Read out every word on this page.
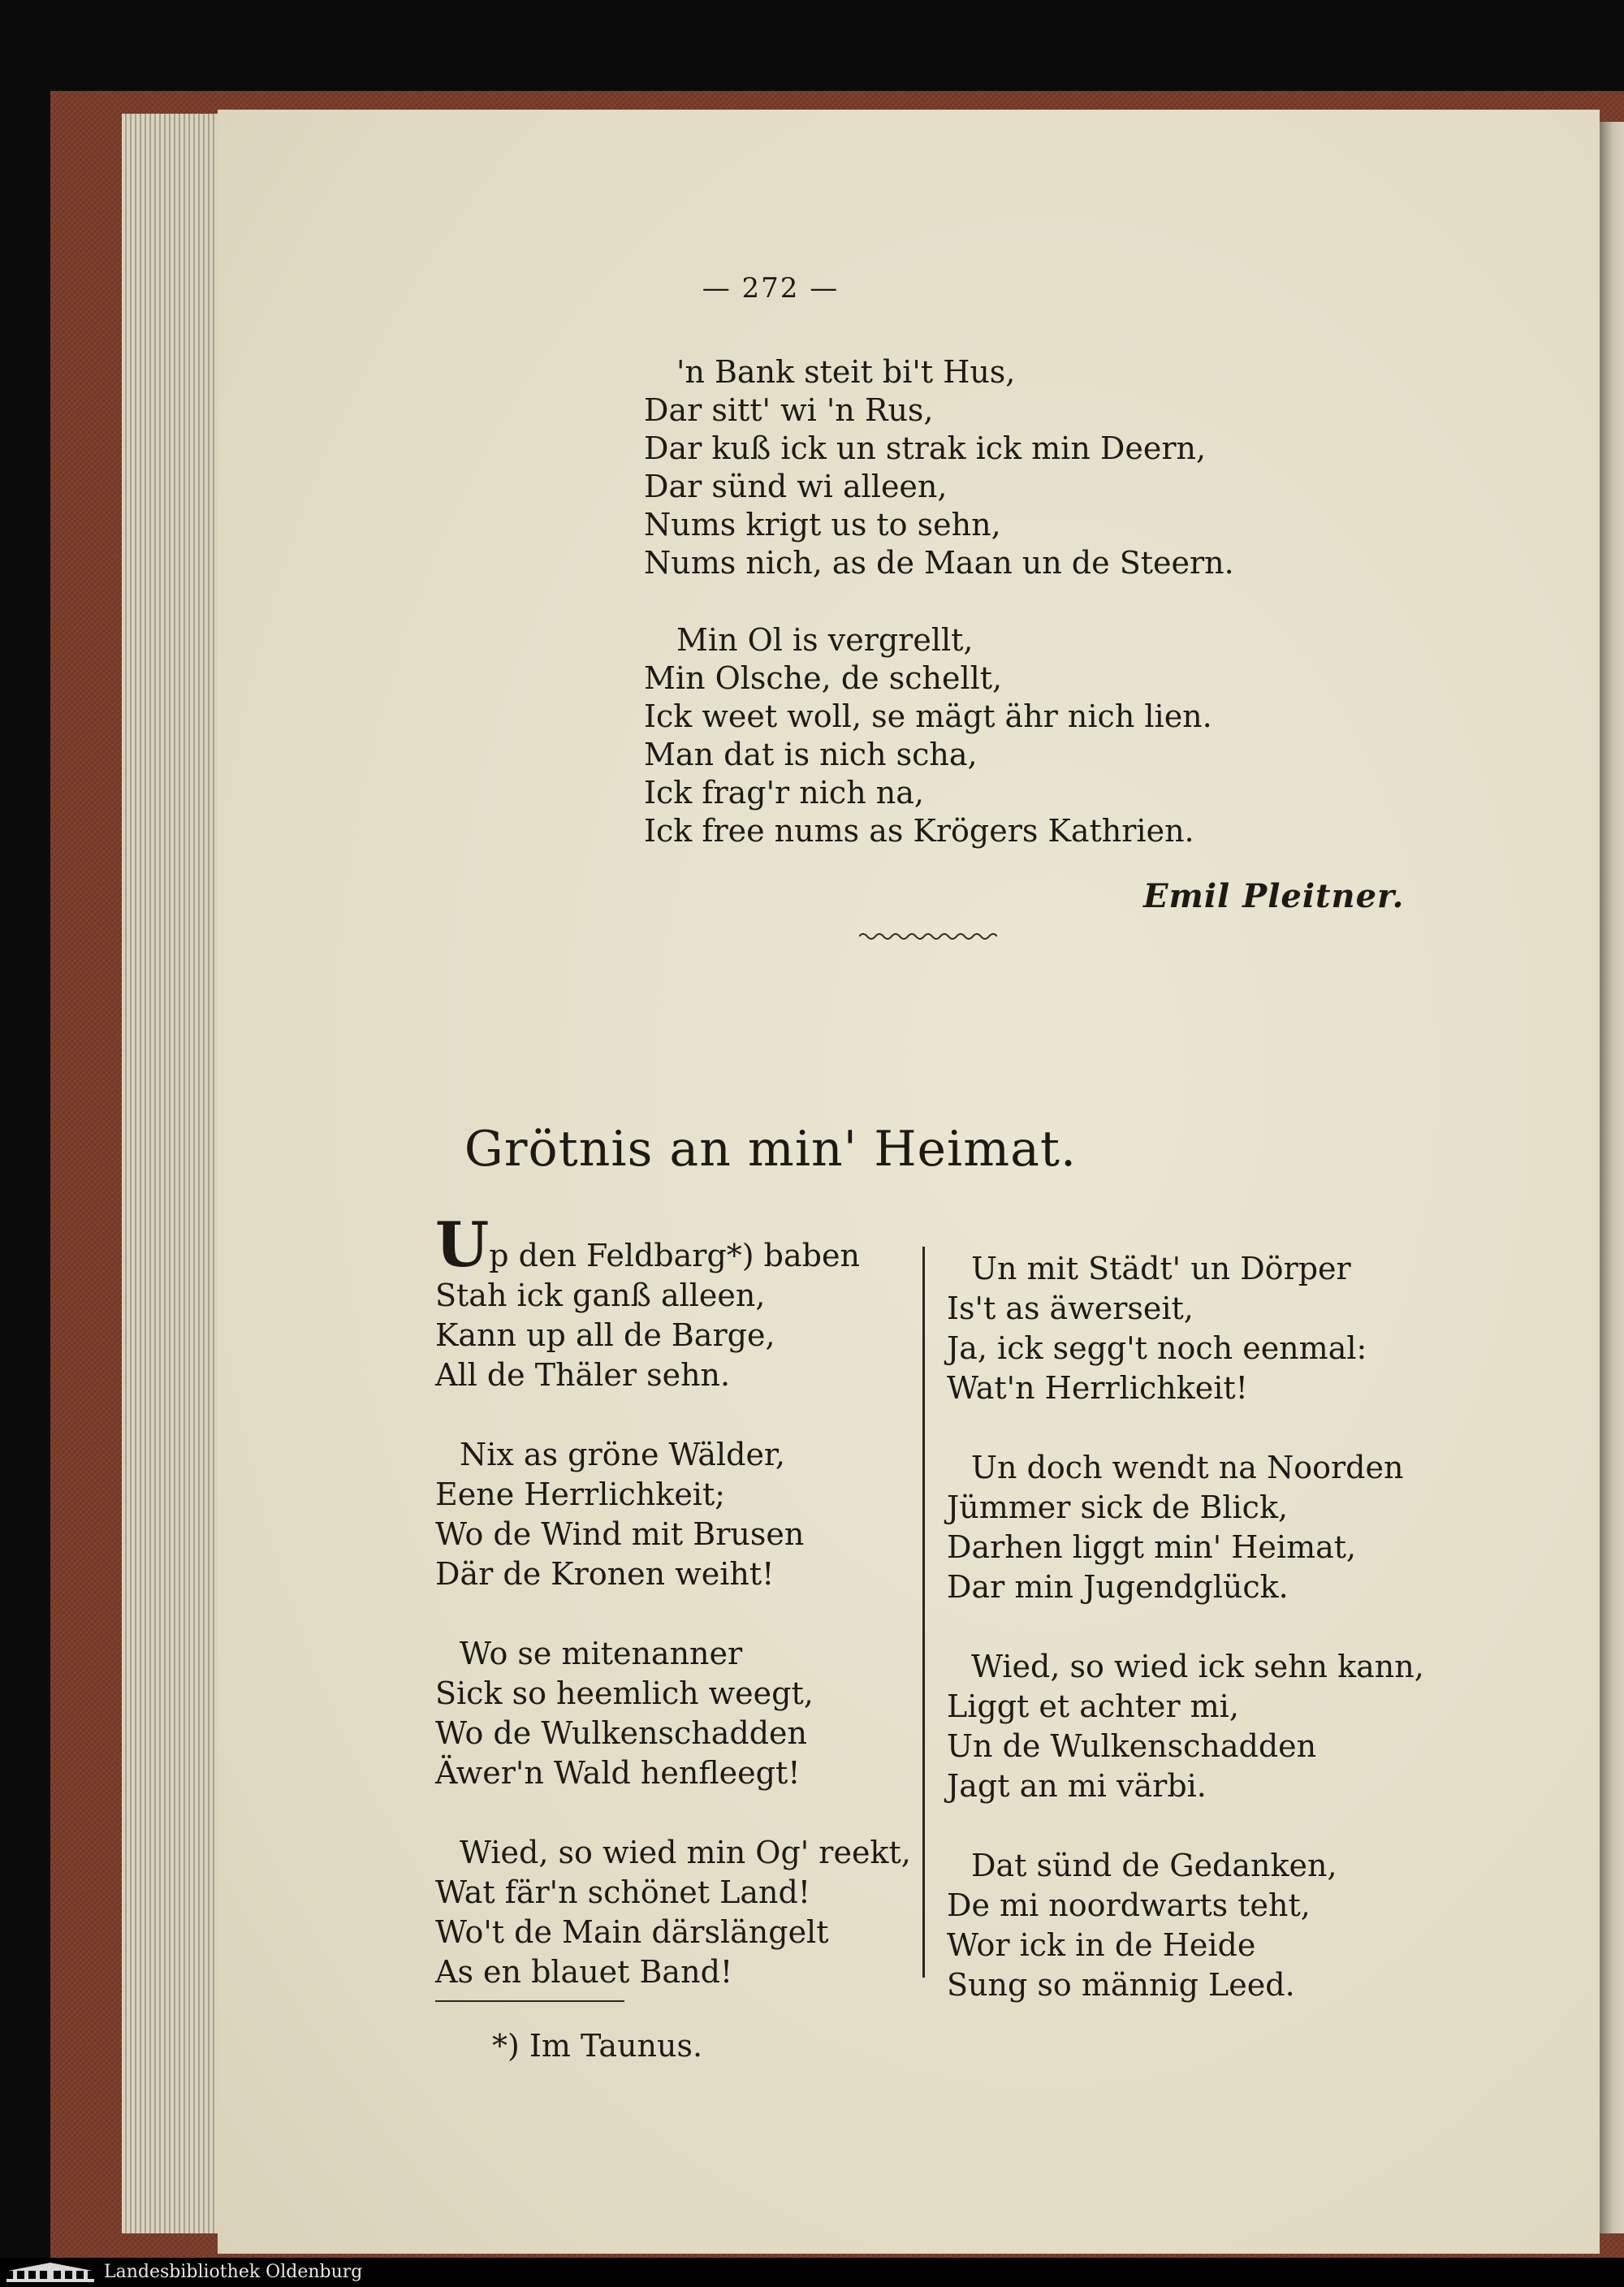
— 272 —
'n Bank steit bi't Hus,
Dar sitt' wi 'n Rus,
Dar kuß ick un strak ick min Deern,
Dar sünd wi alleen,
Nums krigt us to sehn,
Nums nich, as de Maan un de Steern.
Min Ol is vergrellt,
Min Olsche, de schellt,
Ick weet woll, se mägt ähr nich lien.
Man dat is nich scha,
Ick frag'r nich na,
Ick free nums as Krögers Kathrien.
Emil Pleitner.
Grötnis an min' Heimat.
Up den Feldbarg*) baben
Stah ick ganß alleen,
Kann up all de Barge,
All de Thäler sehn.
Nix as gröne Wälder,
Eene Herrlichkeit;
Wo de Wind mit Brusen
Där de Kronen weiht!
Wo se mitenanner
Sick so heemlich weegt,
Wo de Wulkenschadden
Äwer'n Wald henfleegt!
Wied, so wied min Og' reekt,
Wat fär'n schönet Land!
Wo't de Main därslängelt
As en blauet Band!
Un mit Städt' un Dörper
Is't as äwerseit,
Ja, ick segg't noch eenmal:
Wat'n Herrlichkeit!
Un doch wendt na Noorden
Jümmer sick de Blick,
Darhen liggt min' Heimat,
Dar min Jugendglück.
Wied, so wied ick sehn kann,
Liggt et achter mi,
Un de Wulkenschadden
Jagt an mi värbi.
Dat sünd de Gedanken,
De mi noordwarts teht,
Wor ick in de Heide
Sung so männig Leed.
*) Im Taunus.
Landesbibliothek Oldenburg
